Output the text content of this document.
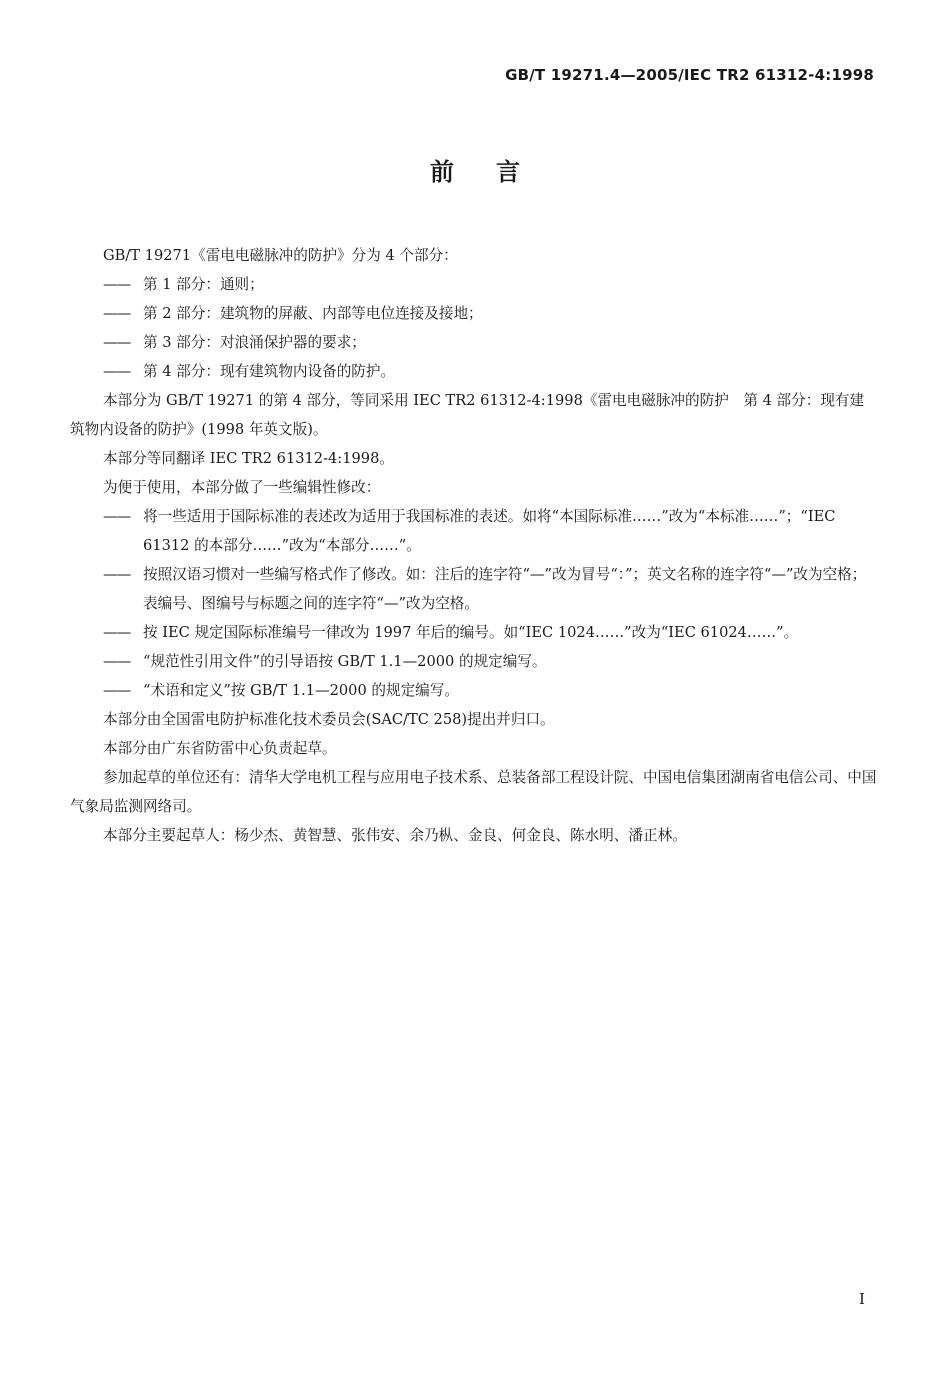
GB/T 19271.4—2005/IEC TR2 61312-4:1998
前言

GB/T 19271《雷电电磁脉冲的防护》分为 4 个部分：

—— 第 1 部分：通则；
—— 第 2 部分：建筑物的屏蔽、内部等电位连接及接地；
—— 第 3 部分：对浪涌保护器的要求；
—— 第 4 部分：现有建筑物内设备的防护。

本部分为 GB/T 19271 的第 4 部分，等同采用 IEC TR2 61312-4:1998《雷电电磁脉冲的防护　第 4 部分：现有建筑物内设备的防护》(1998 年英文版)。

本部分等同翻译 IEC TR2 61312-4:1998。

为便于使用，本部分做了一些编辑性修改：

—— 将一些适用于国际标准的表述改为适用于我国标准的表述。如将“本国际标准……”改为“本标准……”；“IEC 61312 的本部分……”改为“本部分……”。
—— 按照汉语习惯对一些编写格式作了修改。如：注后的连字符“—”改为冒号“：”；英文名称的连字符“—”改为空格；表编号、图编号与标题之间的连字符“—”改为空格。
—— 按 IEC 规定国际标准编号一律改为 1997 年后的编号。如“IEC 1024……”改为“IEC 61024……”。
—— “规范性引用文件”的引导语按 GB/T 1.1—2000 的规定编写。
—— “术语和定义”按 GB/T 1.1—2000 的规定编写。

本部分由全国雷电防护标准化技术委员会(SAC/TC 258)提出并归口。

本部分由广东省防雷中心负责起草。

参加起草的单位还有：清华大学电机工程与应用电子技术系、总装备部工程设计院、中国电信集团湖南省电信公司、中国气象局监测网络司。

本部分主要起草人：杨少杰、黄智慧、张伟安、余乃枞、金良、何金良、陈水明、潘正林。

I
